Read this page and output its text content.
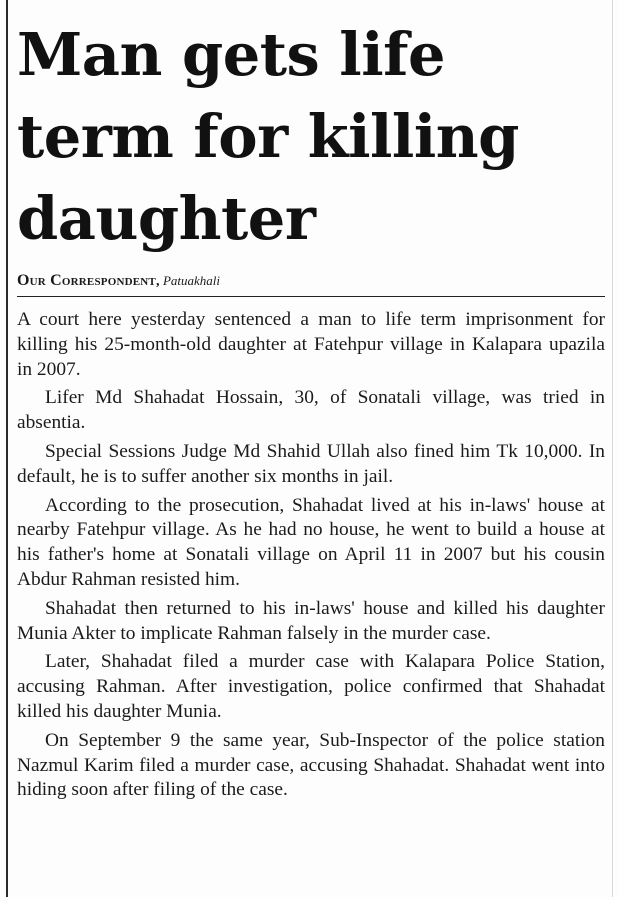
Man gets life term for killing daughter
Our Correspondent, Patuakhali

A court here yesterday sentenced a man to life term imprisonment for killing his 25-month-old daughter at Fatehpur village in Kalapara upazila in 2007.

Lifer Md Shahadat Hossain, 30, of Sonatali village, was tried in absentia.

Special Sessions Judge Md Shahid Ullah also fined him Tk 10,000. In default, he is to suffer another six months in jail.

According to the prosecution, Shahadat lived at his in-laws' house at nearby Fatehpur village. As he had no house, he went to build a house at his father's home at Sonatali village on April 11 in 2007 but his cousin Abdur Rahman resisted him.

Shahadat then returned to his in-laws' house and killed his daughter Munia Akter to implicate Rahman falsely in the murder case.

Later, Shahadat filed a murder case with Kalapara Police Station, accusing Rahman. After investigation, police confirmed that Shahadat killed his daughter Munia.

On September 9 the same year, Sub-Inspector of the police station Nazmul Karim filed a murder case, accusing Shahadat. Shahadat went into hiding soon after filing of the case.
